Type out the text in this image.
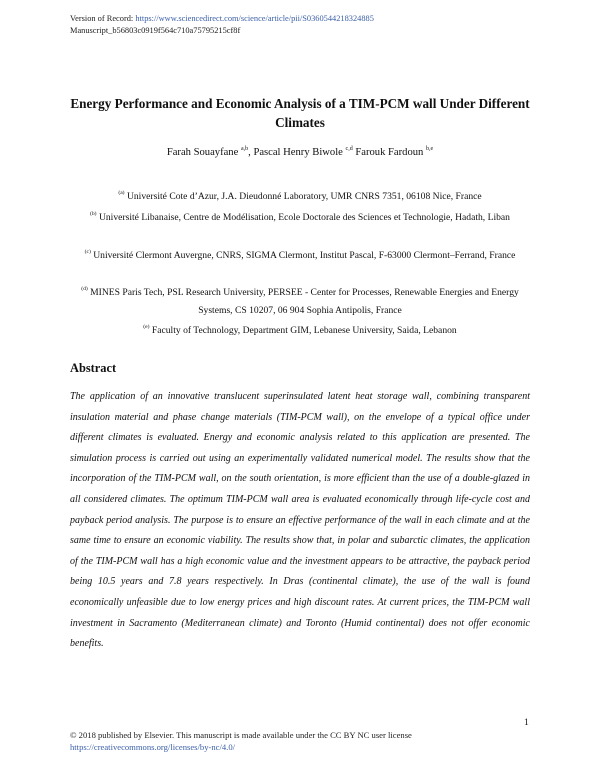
Version of Record: https://www.sciencedirect.com/science/article/pii/S0360544218324885
Manuscript_b56803c0919f564c710a75795215cf8f
Energy Performance and Economic Analysis of a TIM-PCM wall Under Different Climates
Farah Souayfane $^{a,b}$, Pascal Henry Biwole $^{c,d}$ Farouk Fardoun $^{b,e}$
$^{(a)}$ Université Cote d’Azur, J.A. Dieudonné Laboratory, UMR CNRS 7351, 06108 Nice, France
$^{(b)}$ Université Libanaise, Centre de Modélisation, Ecole Doctorale des Sciences et Technologie, Hadath, Liban
$^{(c)}$ Université Clermont Auvergne, CNRS, SIGMA Clermont, Institut Pascal, F-63000 Clermont–Ferrand, France
$^{(d)}$ MINES Paris Tech, PSL Research University, PERSEE - Center for Processes, Renewable Energies and Energy Systems, CS 10207, 06 904 Sophia Antipolis, France
$^{(e)}$ Faculty of Technology, Department GIM, Lebanese University, Saida, Lebanon
Abstract
The application of an innovative translucent superinsulated latent heat storage wall, combining transparent insulation material and phase change materials (TIM-PCM wall), on the envelope of a typical office under different climates is evaluated. Energy and economic analysis related to this application are presented. The simulation process is carried out using an experimentally validated numerical model. The results show that the incorporation of the TIM-PCM wall, on the south orientation, is more efficient than the use of a double-glazed in all considered climates. The optimum TIM-PCM wall area is evaluated economically through life-cycle cost and payback period analysis. The purpose is to ensure an effective performance of the wall in each climate and at the same time to ensure an economic viability. The results show that, in polar and subarctic climates, the application of the TIM-PCM wall has a high economic value and the investment appears to be attractive, the payback period being 10.5 years and 7.8 years respectively. In Dras (continental climate), the use of the wall is found economically unfeasible due to low energy prices and high discount rates. At current prices, the TIM-PCM wall investment in Sacramento (Mediterranean climate) and Toronto (Humid continental) does not offer economic benefits.
1
© 2018 published by Elsevier. This manuscript is made available under the CC BY NC user license
https://creativecommons.org/licenses/by-nc/4.0/
